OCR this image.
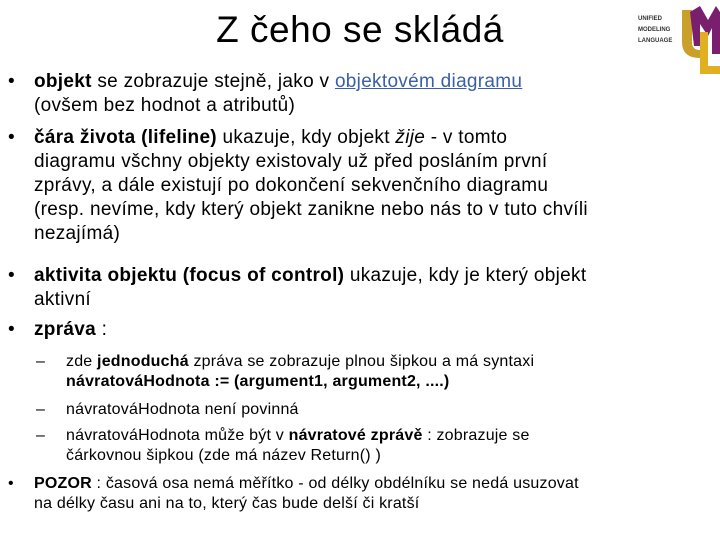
Z čeho se skládá	UNIFIED
MODELING
LANGUAGE
•	objekt se zobrazuje stejně, jako v objektovém diagramu
(ovšem bez hodnot a atributů)
•	čára života (lifeline) ukazuje, kdy objekt žije - v tomto
diagramu všchny objekty existovaly už před posláním první
zprávy, a dále existují po dokončení sekvenčního diagramu
(resp. nevíme, kdy který objekt zanikne nebo nás to v tuto chvíli
nezajímá)
•	aktivita objektu (focus of control) ukazuje, kdy je který objekt
aktivní
•	zpráva :
– zde jednoduchá zpráva se zobrazuje plnou šipkou a má syntaxi
návratováHodnota := (argument1, argument2, ....)
– návratováHodnota není povinná
– návratováHodnota může být v návratové zprávě : zobrazuje se
čárkovnou šipkou (zde má název Return() )
• POZOR : časová osa nemá měřítko - od délky obdélníku se nedá usuzovat
na délky času ani na to, který čas bude delší či kratší
